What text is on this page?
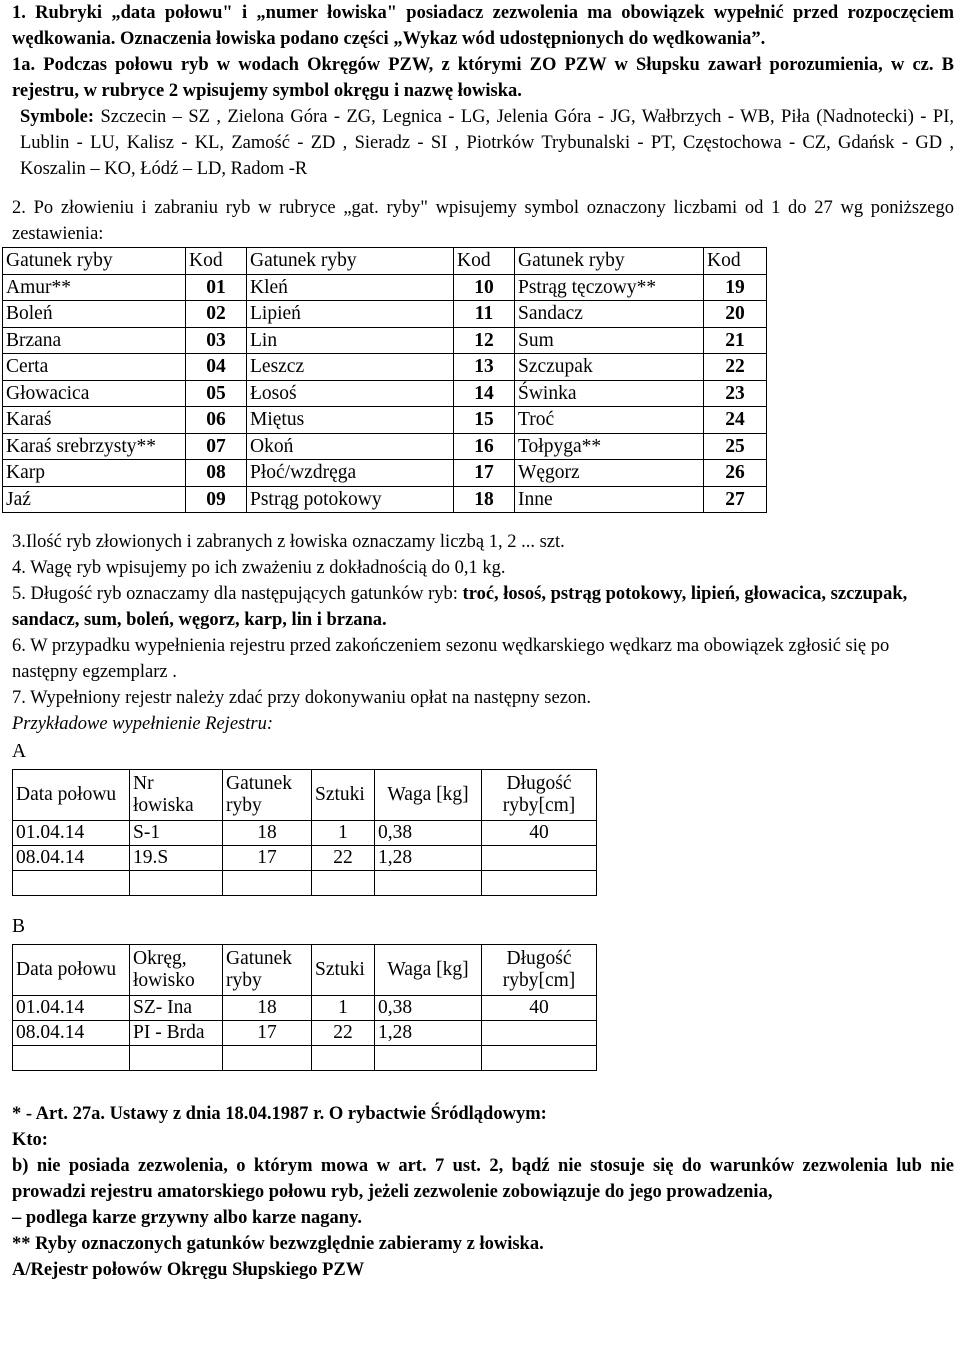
1. Rubryki „data połowu" i „numer łowiska" posiadacz zezwolenia ma obowiązek wypełnić przed rozpoczęciem wędkowania. Oznaczenia łowiska podano części „Wykaz wód udostępnionych do wędkowania”.

1a. Podczas połowu ryb w wodach Okręgów PZW, z którymi ZO PZW w Słupsku zawarł porozumienia, w cz. B rejestru, w rubryce 2 wpisujemy symbol okręgu i nazwę łowiska.

Symbole: Szczecin – SZ , Zielona Góra - ZG, Legnica - LG, Jelenia Góra - JG, Wałbrzych - WB, Piła (Nadnotecki) - PI, Lublin - LU, Kalisz - KL, Zamość - ZD , Sieradz - SI , Piotrków Trybunalski - PT, Częstochowa - CZ, Gdańsk - GD , Koszalin – KO, Łódź – LD, Radom -R

2. Po złowieniu i zabraniu ryb w rubryce „gat. ryby" wpisujemy symbol oznaczony liczbami od 1 do 27 wg poniższego zestawienia:

Gatunek ryby	Kod	Gatunek ryby	Kod	Gatunek ryby	Kod
Amur**	01	Kleń	10	Pstrąg tęczowy**	19
Boleń	02	Lipień	11	Sandacz	20
Brzana	03	Lin	12	Sum	21
Certa	04	Leszcz	13	Szczupak	22
Głowacica	05	Łosoś	14	Świnka	23
Karaś	06	Miętus	15	Troć	24
Karaś srebrzysty**	07	Okoń	16	Tołpyga**	25
Karp	08	Płoć/wzdręga	17	Węgorz	26
Jaź	09	Pstrąg potokowy	18	Inne	27

3.Ilość ryb złowionych i zabranych z łowiska oznaczamy liczbą 1, 2 ... szt.

4. Wagę ryb wpisujemy po ich zważeniu z dokładnością do 0,1 kg.

5. Długość ryb oznaczamy dla następujących gatunków ryb: troć, łosoś, pstrąg potokowy, lipień, głowacica, szczupak, sandacz, sum, boleń, węgorz, karp, lin i brzana.

6. W przypadku wypełnienia rejestru przed zakończeniem sezonu wędkarskiego wędkarz ma obowiązek zgłosić się po następny egzemplarz .

7. Wypełniony rejestr należy zdać przy dokonywaniu opłat na następny sezon.

Przykładowe wypełnienie Rejestru:

A

Data połowu	Nr łowiska	Gatunek ryby	Sztuki	Waga [kg]	Długość ryby[cm]
01.04.14	S-1	18	1	0,38	40
08.04.14	19.S	17	22	1,28	

B

Data połowu	Okręg, łowisko	Gatunek ryby	Sztuki	Waga [kg]	Długość ryby[cm]
01.04.14	SZ- Ina	18	1	0,38	40
08.04.14	PI - Brda	17	22	1,28	

* - Art. 27a. Ustawy z dnia 18.04.1987 r. O rybactwie Śródlądowym:

Kto:

b) nie posiada zezwolenia, o którym mowa w art. 7 ust. 2, bądź nie stosuje się do warunków zezwolenia lub nie prowadzi rejestru amatorskiego połowu ryb, jeżeli zezwolenie zobowiązuje do jego prowadzenia,

– podlega karze grzywny albo karze nagany.

** Ryby oznaczonych gatunków bezwzględnie zabieramy z łowiska.

A/Rejestr połowów Okręgu Słupskiego PZW
